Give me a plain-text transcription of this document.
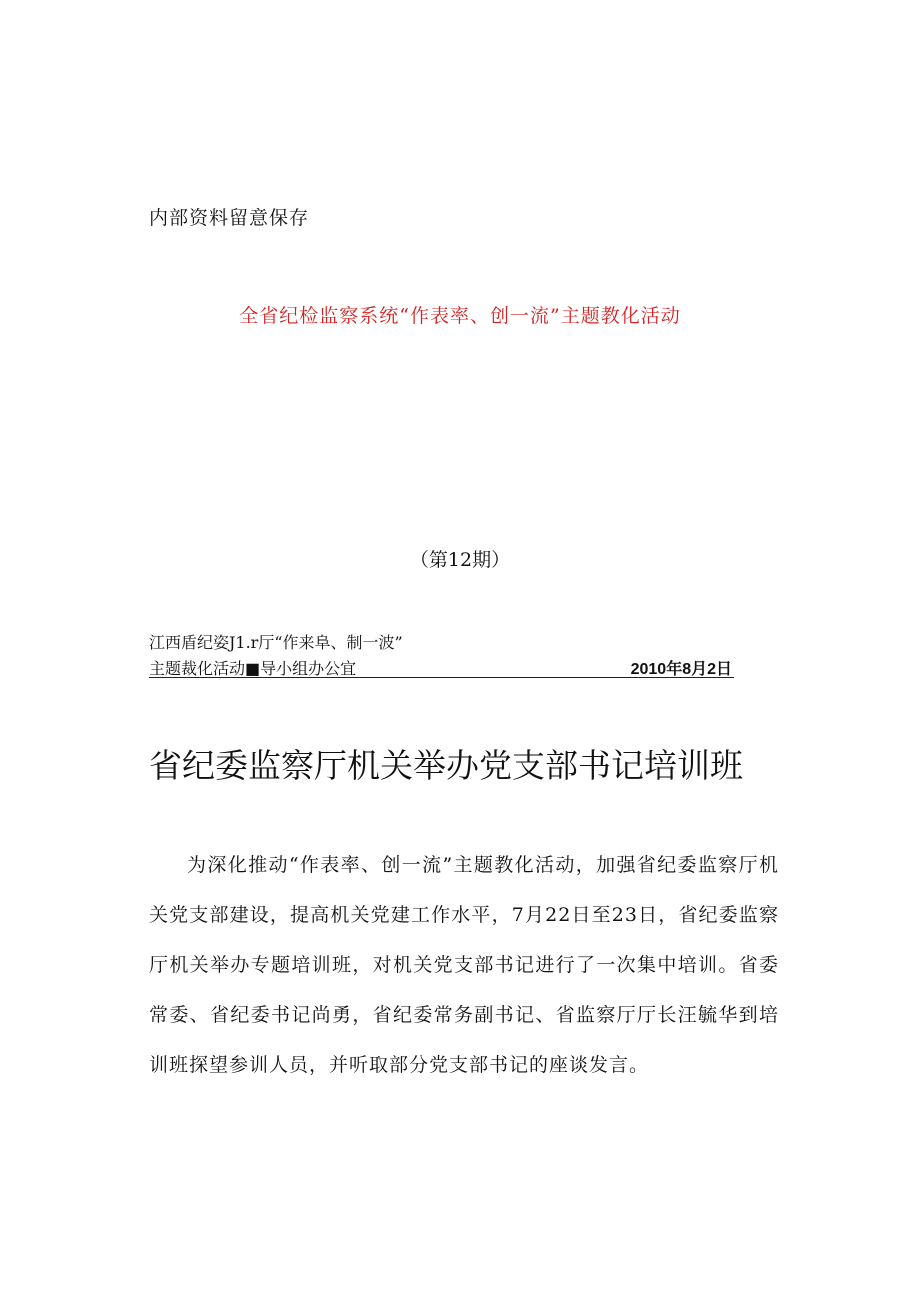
内部资料留意保存
全省纪检监察系统“作表率、创一流”主题教化活动
（第12期）
江西盾纪姿J1.r厅“作来阜、制一波”
主题裁化活动■导小组办公宜	2010年8月2日
省纪委监察厅机关举办党支部书记培训班
为深化推动“作表率、创一流”主题教化活动，加强省纪委监察厅机关党支部建设，提高机关党建工作水平，7月22日至23日，省纪委监察厅机关举办专题培训班，对机关党支部书记进行了一次集中培训。省委常委、省纪委书记尚勇，省纪委常务副书记、省监察厅厅长汪毓华到培训班探望参训人员，并听取部分党支部书记的座谈发言。
